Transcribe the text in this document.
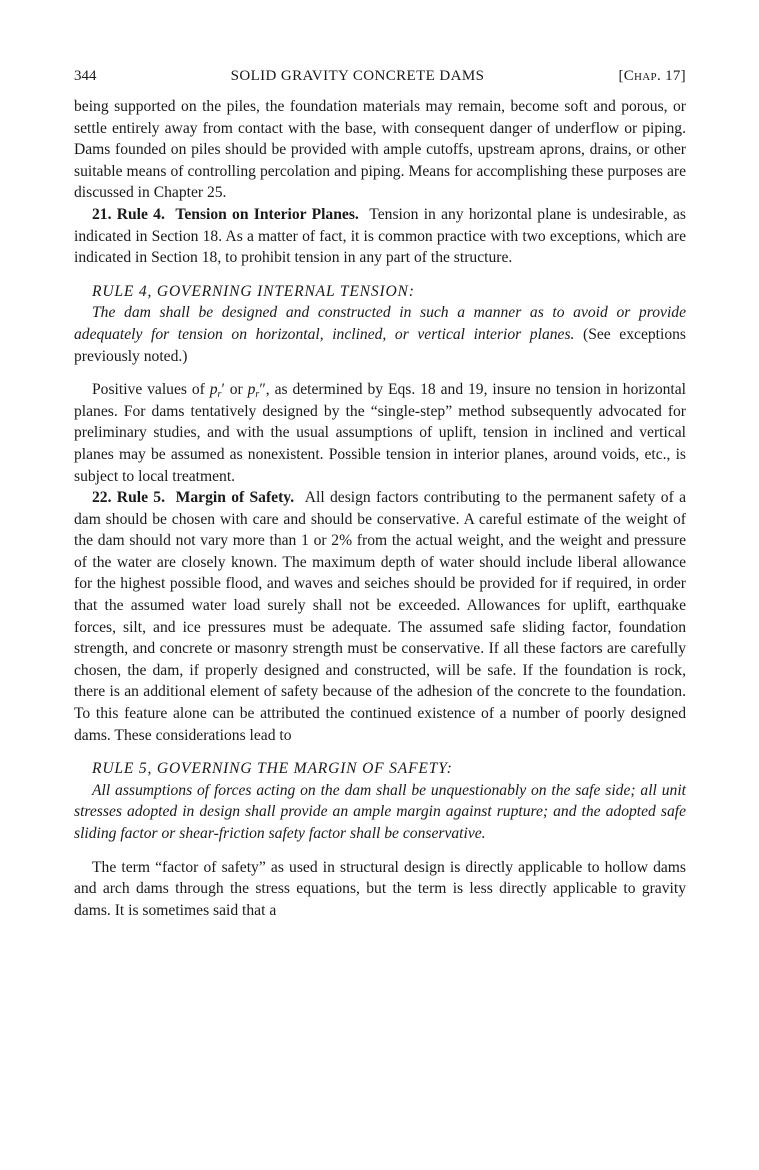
344	SOLID GRAVITY CONCRETE DAMS	[Chap. 17]

being supported on the piles, the foundation materials may remain, become soft and porous, or settle entirely away from contact with the base, with consequent danger of underflow or piping. Dams founded on piles should be provided with ample cutoffs, upstream aprons, drains, or other suitable means of controlling percolation and piping. Means for accomplishing these purposes are discussed in Chapter 25.

21. Rule 4. Tension on Interior Planes. Tension in any horizontal plane is undesirable, as indicated in Section 18. As a matter of fact, it is common practice with two exceptions, which are indicated in Section 18, to prohibit tension in any part of the structure.

RULE 4, GOVERNING INTERNAL TENSION:

The dam shall be designed and constructed in such a manner as to avoid or provide adequately for tension on horizontal, inclined, or vertical interior planes. (See exceptions previously noted.)

Positive values of $p_r'$ or $p_r''$, as determined by Eqs. 18 and 19, insure no tension in horizontal planes. For dams tentatively designed by the “single-step” method subsequently advocated for preliminary studies, and with the usual assumptions of uplift, tension in inclined and vertical planes may be assumed as nonexistent. Possible tension in interior planes, around voids, etc., is subject to local treatment.

22. Rule 5. Margin of Safety. All design factors contributing to the permanent safety of a dam should be chosen with care and should be conservative. A careful estimate of the weight of the dam should not vary more than 1 or 2% from the actual weight, and the weight and pressure of the water are closely known. The maximum depth of water should include liberal allowance for the highest possible flood, and waves and seiches should be provided for if required, in order that the assumed water load surely shall not be exceeded. Allowances for uplift, earthquake forces, silt, and ice pressures must be adequate. The assumed safe sliding factor, foundation strength, and concrete or masonry strength must be conservative. If all these factors are carefully chosen, the dam, if properly designed and constructed, will be safe. If the foundation is rock, there is an additional element of safety because of the adhesion of the concrete to the foundation. To this feature alone can be attributed the continued existence of a number of poorly designed dams. These considerations lead to

RULE 5, GOVERNING THE MARGIN OF SAFETY:

All assumptions of forces acting on the dam shall be unquestionably on the safe side; all unit stresses adopted in design shall provide an ample margin against rupture; and the adopted safe sliding factor or shear-friction safety factor shall be conservative.

The term “factor of safety” as used in structural design is directly applicable to hollow dams and arch dams through the stress equations, but the term is less directly applicable to gravity dams. It is sometimes said that a
